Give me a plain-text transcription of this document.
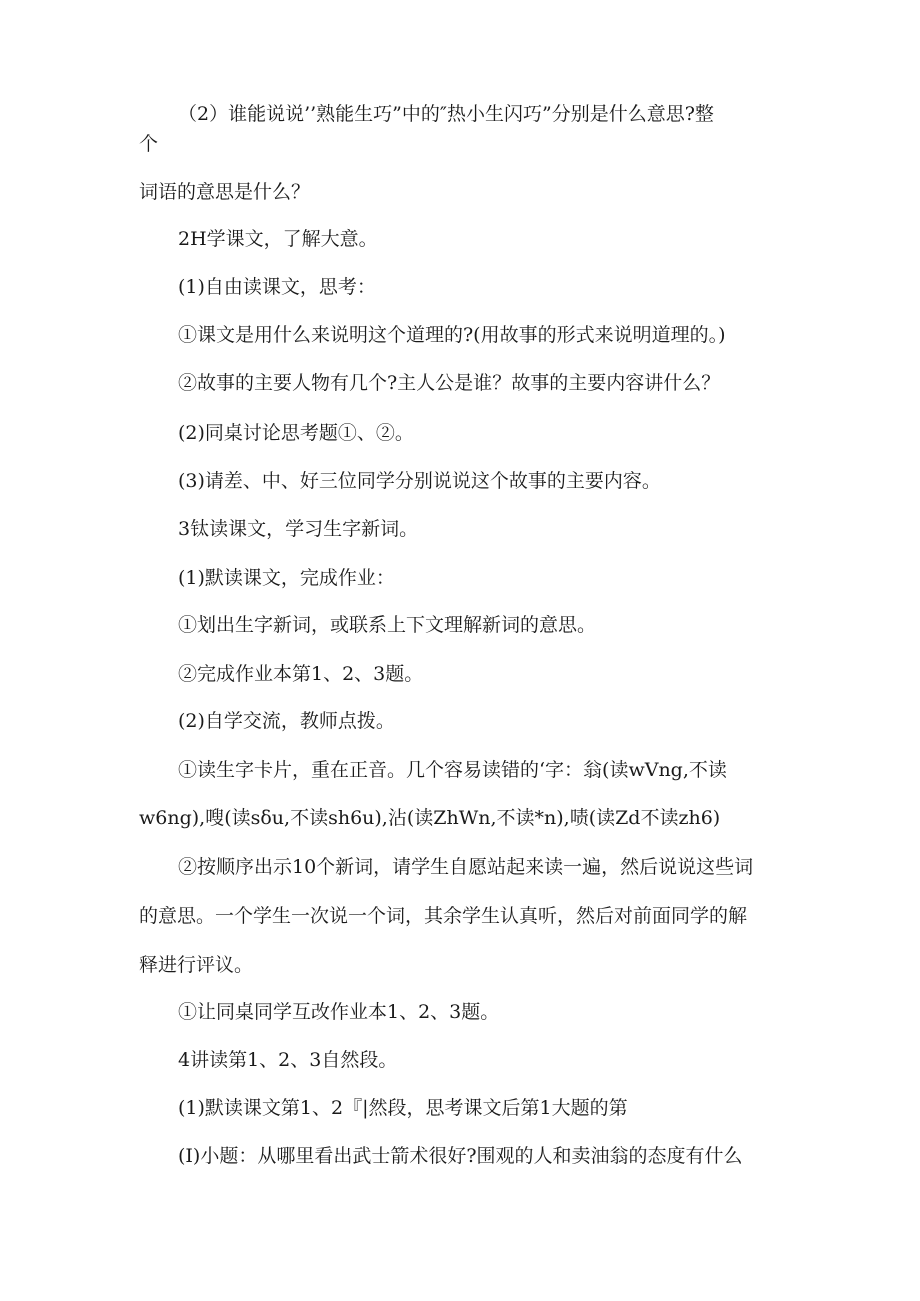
（2）谁能说说’’熟能生巧”中的″热小生闪巧”分别是什么意思?整
个
词语的意思是什么？
2H学课文，了解大意。
(1)自由读课文，思考：
①课文是用什么来说明这个道理的?(用故事的形式来说明道理的。)
②故事的主要人物有几个?主人公是谁？故事的主要内容讲什么？
(2)同桌讨论思考题①、②。
(3)请差、中、好三位同学分别说说这个故事的主要内容。
3钛读课文，学习生字新词。
(1)默读课文，完成作业：
①划出生字新词，或联系上下文理解新词的意思。
②完成作业本第1、2、3题。
(2)自学交流，教师点拨。
①读生字卡片，重在正音。几个容易读错的‘字：翁(读wVng,不读
w6ng),嗖(读sδu,不读sh6u),沾(读ZhWn,不读*n),啧(读Zd不读zh6)
②按顺序出示10个新词，请学生自愿站起来读一遍，然后说说这些词
的意思。一个学生一次说一个词，其余学生认真听，然后对前面同学的解
释进行评议。
①让同桌同学互改作业本1、2、3题。
4讲读第1、2、3自然段。
(1)默读课文第1、2『|然段，思考课文后第1大题的第
(I)小题：从哪里看出武士箭术很好?围观的人和卖油翁的态度有什么
